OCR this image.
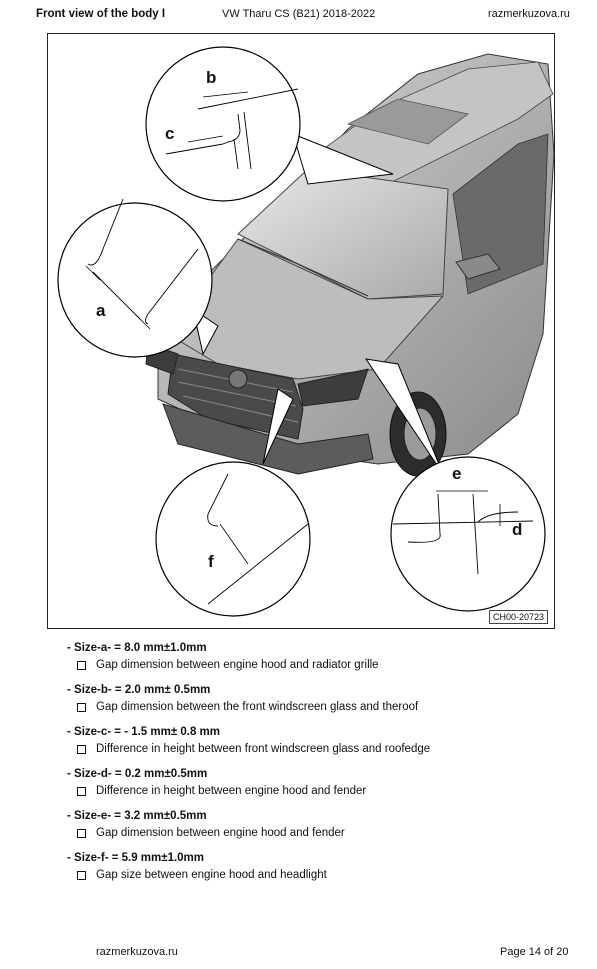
Front view of the body I	VW Tharu CS (B21) 2018-2022	razmerkuzova.ru
b
c
a
f
e
d
CH00-20723
- Size-a- = 8.0 mm±1.0mm
Gap dimension between engine hood and radiator grille
- Size-b- = 2.0 mm± 0.5mm
Gap dimension between the front windscreen glass and theroof
- Size-c- = - 1.5 mm± 0.8 mm
Difference in height between front windscreen glass and roofedge
- Size-d- = 0.2 mm±0.5mm
Difference in height between engine hood and fender
- Size-e- = 3.2 mm±0.5mm
Gap dimension between engine hood and fender
- Size-f- = 5.9 mm±1.0mm
Gap size between engine hood and headlight
razmerkuzova.ru	Page 14 of 20
